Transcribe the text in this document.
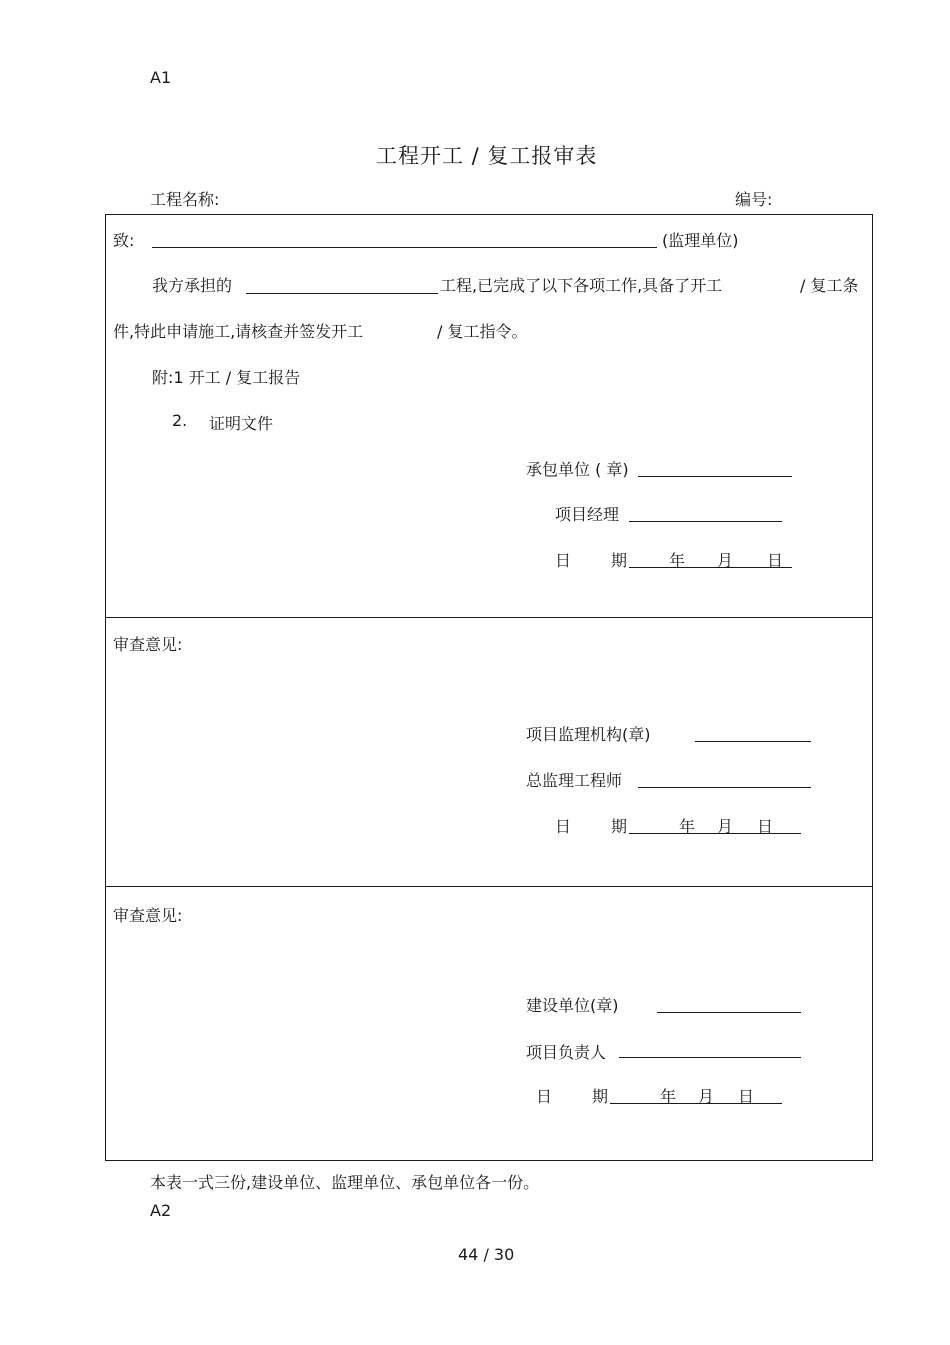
A1
工程开工 / 复工报审表
工程名称:	编号:
致:	(监理单位)
我方承担的	工程,已完成了以下各项工作,具备了开工	/ 复工条
件,特此申请施工,请核查并签发开工	/ 复工指令。
附:1 开工 / 复工报告
2. 证明文件
承包单位 ( 章)
项目经理
日 期	年 月 日
审查意见:
项目监理机构(章)
总监理工程师
日 期	年 月 日
审查意见:
建设单位(章)
项目负责人
日 期	年 月 日
本表一式三份,建设单位、监理单位、承包单位各一份。
A2
44 / 30
